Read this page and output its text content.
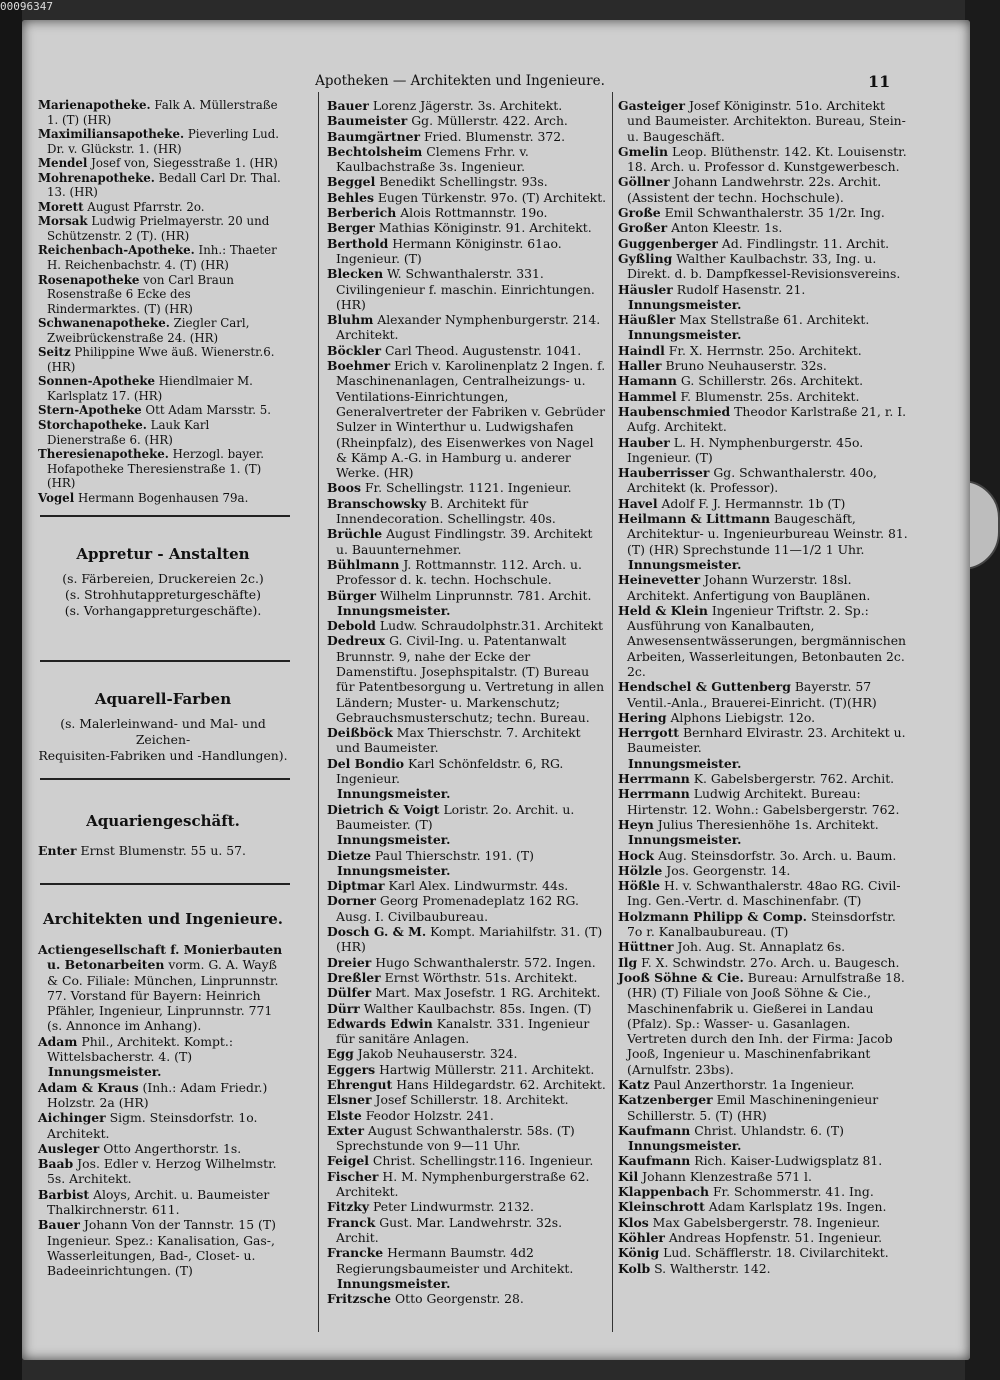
00096347
Apotheken — Architekten und Ingenieure.	11

Marienapotheke. Falk A. Müllerstraße 1. (T) (HR)

Maximiliansapotheke. Pieverling Lud. Dr. v. Glückstr. 1. (HR)

Mendel Josef von, Siegesstraße 1. (HR)

Mohrenapotheke. Bedall Carl Dr. Thal. 13. (HR)

Morett August Pfarrstr. 2o.

Morsak Ludwig Prielmayerstr. 20 und Schützenstr. 2 (T). (HR)

Reichenbach-Apotheke. Inh.: Thaeter H. Reichenbachstr. 4. (T) (HR)

Rosenapotheke von Carl Braun Rosenstraße 6 Ecke des Rindermarktes. (T) (HR)

Schwanenapotheke. Ziegler Carl, Zweibrückenstraße 24. (HR)

Seitz Philippine Wwe äuß. Wienerstr.6.(HR)

Sonnen-Apotheke Hiendlmaier M. Karlsplatz 17. (HR)

Stern-Apotheke Ott Adam Marsstr. 5.

Storchapotheke. Lauk Karl Dienerstraße 6. (HR)

Theresienapotheke. Herzogl. bayer. Hofapotheke Theresienstraße 1. (T) (HR)

Vogel Hermann Bogenhausen 79a.

Appretur - Anstalten

(s. Färbereien, Druckereien 2c.)

(s. Strohhutappreturgeschäfte)

(s. Vorhangappreturgeschäfte).

Aquarell-Farben

(s. Malerleinwand- und Mal- und Zeichen-

Requisiten-Fabriken und -Handlungen).

Aquariengeschäft.

Enter Ernst Blumenstr. 55 u. 57.

Architekten und Ingenieure.

Actiengesellschaft f. Monierbauten u. Betonarbeiten vorm. G. A. Wayß & Co. Filiale: München, Linprunnstr. 77. Vorstand für Bayern: Heinrich Pfähler, Ingenieur, Linprunnstr. 771 (s. Annonce im Anhang).

Adam Phil., Architekt. Kompt.: Wittelsbacherstr. 4. (T)

Innungsmeister.

Adam & Kraus (Inh.: Adam Friedr.) Holzstr. 2a (HR)

Aichinger Sigm. Steinsdorfstr. 1o. Architekt.

Ausleger Otto Angerthorstr. 1s.

Baab Jos. Edler v. Herzog Wilhelmstr. 5s. Architekt.

Barbist Aloys, Archit. u. Baumeister Thalkirchnerstr. 611.

Bauer Johann Von der Tannstr. 15 (T) Ingenieur. Spez.: Kanalisation, Gas-, Wasserleitungen, Bad-, Closet- u. Badeeinrichtungen. (T)

Bauer Lorenz Jägerstr. 3s. Architekt.

Baumeister Gg. Müllerstr. 422. Arch.

Baumgärtner Fried. Blumenstr. 372.

Bechtolsheim Clemens Frhr. v. Kaulbachstraße 3s. Ingenieur.

Beggel Benedikt Schellingstr. 93s.

Behles Eugen Türkenstr. 97o. (T) Architekt.

Berberich Alois Rottmannstr. 19o.

Berger Mathias Königinstr. 91. Architekt.

Berthold Hermann Königinstr. 61ao. Ingenieur. (T)

Blecken W. Schwanthalerstr. 331. Civilingenieur f. maschin. Einrichtungen. (HR)

Bluhm Alexander Nymphenburgerstr. 214. Architekt.

Böckler Carl Theod. Augustenstr. 1041.

Boehmer Erich v. Karolinenplatz 2 Ingen. f. Maschinenanlagen, Centralheizungs- u. Ventilations-Einrichtungen, Generalvertreter der Fabriken v. Gebrüder Sulzer in Winterthur u. Ludwigshafen (Rheinpfalz), des Eisenwerkes von Nagel & Kämp A.-G. in Hamburg u. anderer Werke. (HR)

Boos Fr. Schellingstr. 1121. Ingenieur.

Branschowsky B. Architekt für Innendecoration. Schellingstr. 40s.

Brüchle August Findlingstr. 39. Architekt u. Bauunternehmer.

Bühlmann J. Rottmannstr. 112. Arch. u. Professor d. k. techn. Hochschule.

Bürger Wilhelm Linprunnstr. 781. Archit.

Innungsmeister.

Debold Ludw. Schraudolphstr.31. Architekt

Dedreux G. Civil-Ing. u. Patentanwalt Brunnstr. 9, nahe der Ecke der Damenstiftu. Josephspitalstr. (T) Bureau für Patentbesorgung u. Vertretung in allen Ländern; Muster- u. Markenschutz; Gebrauchsmusterschutz; techn. Bureau.

Deißböck Max Thierschstr. 7. Architekt und Baumeister.

Del Bondio Karl Schönfeldstr. 6, RG. Ingenieur.

Innungsmeister.

Dietrich & Voigt Loristr. 2o. Archit. u. Baumeister. (T)

Innungsmeister.

Dietze Paul Thierschstr. 191. (T)

Innungsmeister.

Diptmar Karl Alex. Lindwurmstr. 44s.

Dorner Georg Promenadeplatz 162 RG. Ausg. I. Civilbaubureau.

Dosch G. & M. Kompt. Mariahilfstr. 31. (T) (HR)

Dreier Hugo Schwanthalerstr. 572. Ingen.

Dreßler Ernst Wörthstr. 51s. Architekt.

Dülfer Mart. Max Josefstr. 1 RG. Architekt.

Dürr Walther Kaulbachstr. 85s. Ingen. (T)

Edwards Edwin Kanalstr. 331. Ingenieur für sanitäre Anlagen.

Egg Jakob Neuhauserstr. 324.

Eggers Hartwig Müllerstr. 211. Architekt.

Ehrengut Hans Hildegardstr. 62. Architekt.

Elsner Josef Schillerstr. 18. Architekt.

Elste Feodor Holzstr. 241.

Exter August Schwanthalerstr. 58s. (T) Sprechstunde von 9—11 Uhr.

Feigel Christ. Schellingstr.116. Ingenieur.

Fischer H. M. Nymphenburgerstraße 62. Architekt.

Fitzky Peter Lindwurmstr. 2132.

Franck Gust. Mar. Landwehrstr. 32s. Archit.

Francke Hermann Baumstr. 4d2 Regierungsbaumeister und Architekt.

Innungsmeister.

Fritzsche Otto Georgenstr. 28.

Gasteiger Josef Königinstr. 51o. Architekt und Baumeister. Architekton. Bureau, Stein- u. Baugeschäft.

Gmelin Leop. Blüthenstr. 142. Kt. Louisenstr. 18. Arch. u. Professor d. Kunstgewerbesch.

Göllner Johann Landwehrstr. 22s. Archit. (Assistent der techn. Hochschule).

Große Emil Schwanthalerstr. 35 1/2r. Ing.

Großer Anton Kleestr. 1s.

Guggenberger Ad. Findlingstr. 11. Archit.

Gyßling Walther Kaulbachstr. 33, Ing. u. Direkt. d. b. Dampfkessel-Revisionsvereins.

Häusler Rudolf Hasenstr. 21.

Innungsmeister.

Häußler Max Stellstraße 61. Architekt.

Innungsmeister.

Haindl Fr. X. Herrnstr. 25o. Architekt.

Haller Bruno Neuhauserstr. 32s.

Hamann G. Schillerstr. 26s. Architekt.

Hammel F. Blumenstr. 25s. Architekt.

Haubenschmied Theodor Karlstraße 21, r. I. Aufg. Architekt.

Hauber L. H. Nymphenburgerstr. 45o. Ingenieur. (T)

Hauberrisser Gg. Schwanthalerstr. 40o, Architekt (k. Professor).

Havel Adolf F. J. Hermannstr. 1b (T)

Heilmann & Littmann Baugeschäft, Architektur- u. Ingenieurbureau Weinstr. 81. (T) (HR) Sprechstunde 11—1/2 1 Uhr.

Innungsmeister.

Heinevetter Johann Wurzerstr. 18sl. Architekt. Anfertigung von Bauplänen.

Held & Klein Ingenieur Triftstr. 2. Sp.: Ausführung von Kanalbauten, Anwesensentwässerungen, bergmännischen Arbeiten, Wasserleitungen, Betonbauten 2c. 2c.

Hendschel & Guttenberg Bayerstr. 57 Ventil.-Anla., Brauerei-Einricht. (T)(HR)

Hering Alphons Liebigstr. 12o.

Herrgott Bernhard Elvirastr. 23. Architekt u. Baumeister.

Innungsmeister.

Herrmann K. Gabelsbergerstr. 762. Archit.

Herrmann Ludwig Architekt. Bureau: Hirtenstr. 12. Wohn.: Gabelsbergerstr. 762.

Heyn Julius Theresienhöhe 1s. Architekt.

Innungsmeister.

Hock Aug. Steinsdorfstr. 3o. Arch. u. Baum.

Hölzle Jos. Georgenstr. 14.

Hößle H. v. Schwanthalerstr. 48ao RG. Civil-Ing. Gen.-Vertr. d. Maschinenfabr. (T)

Holzmann Philipp & Comp. Steinsdorfstr. 7o r. Kanalbaubureau. (T)

Hüttner Joh. Aug. St. Annaplatz 6s.

Ilg F. X. Schwindstr. 27o. Arch. u. Baugesch.

Jooß Söhne & Cie. Bureau: Arnulfstraße 18. (HR) (T) Filiale von Jooß Söhne & Cie., Maschinenfabrik u. Gießerei in Landau (Pfalz). Sp.: Wasser- u. Gasanlagen. Vertreten durch den Inh. der Firma: Jacob Jooß, Ingenieur u. Maschinenfabrikant (Arnulfstr. 23bs).

Katz Paul Anzerthorstr. 1a Ingenieur.

Katzenberger Emil Maschineningenieur Schillerstr. 5. (T) (HR)

Kaufmann Christ. Uhlandstr. 6. (T)

Innungsmeister.

Kaufmann Rich. Kaiser-Ludwigsplatz 81.

Kil Johann Klenzestraße 571 l.

Klappenbach Fr. Schommerstr. 41. Ing.

Kleinschrott Adam Karlsplatz 19s. Ingen.

Klos Max Gabelsbergerstr. 78. Ingenieur.

Köhler Andreas Hopfenstr. 51. Ingenieur.

König Lud. Schäfflerstr. 18. Civilarchitekt.

Kolb S. Waltherstr. 142.
